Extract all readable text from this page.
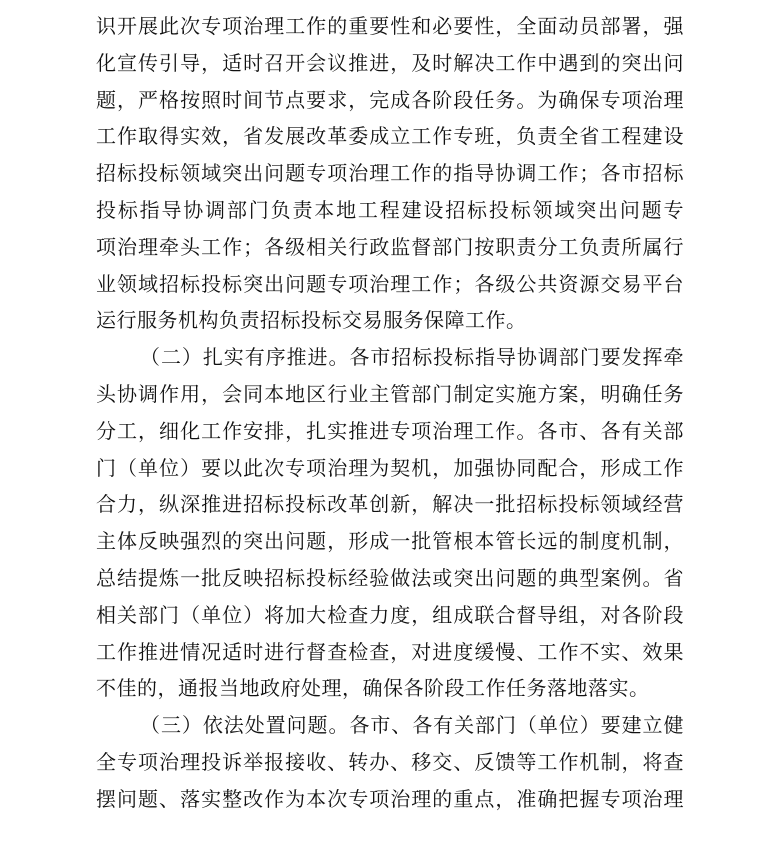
识开展此次专项治理工作的重要性和必要性，全面动员部署，强
化宣传引导，适时召开会议推进，及时解决工作中遇到的突出问
题，严格按照时间节点要求，完成各阶段任务。为确保专项治理
工作取得实效，省发展改革委成立工作专班，负责全省工程建设
招标投标领域突出问题专项治理工作的指导协调工作；各市招标
投标指导协调部门负责本地工程建设招标投标领域突出问题专
项治理牵头工作；各级相关行政监督部门按职责分工负责所属行
业领域招标投标突出问题专项治理工作；各级公共资源交易平台
运行服务机构负责招标投标交易服务保障工作。
（二）扎实有序推进。各市招标投标指导协调部门要发挥牵
头协调作用，会同本地区行业主管部门制定实施方案，明确任务
分工，细化工作安排，扎实推进专项治理工作。各市、各有关部
门（单位）要以此次专项治理为契机，加强协同配合，形成工作
合力，纵深推进招标投标改革创新，解决一批招标投标领域经营
主体反映强烈的突出问题，形成一批管根本管长远的制度机制，
总结提炼一批反映招标投标经验做法或突出问题的典型案例。省
相关部门（单位）将加大检查力度，组成联合督导组，对各阶段
工作推进情况适时进行督查检查，对进度缓慢、工作不实、效果
不佳的，通报当地政府处理，确保各阶段工作任务落地落实。
（三）依法处置问题。各市、各有关部门（单位）要建立健
全专项治理投诉举报接收、转办、移交、反馈等工作机制，将查
摆问题、落实整改作为本次专项治理的重点，准确把握专项治理
